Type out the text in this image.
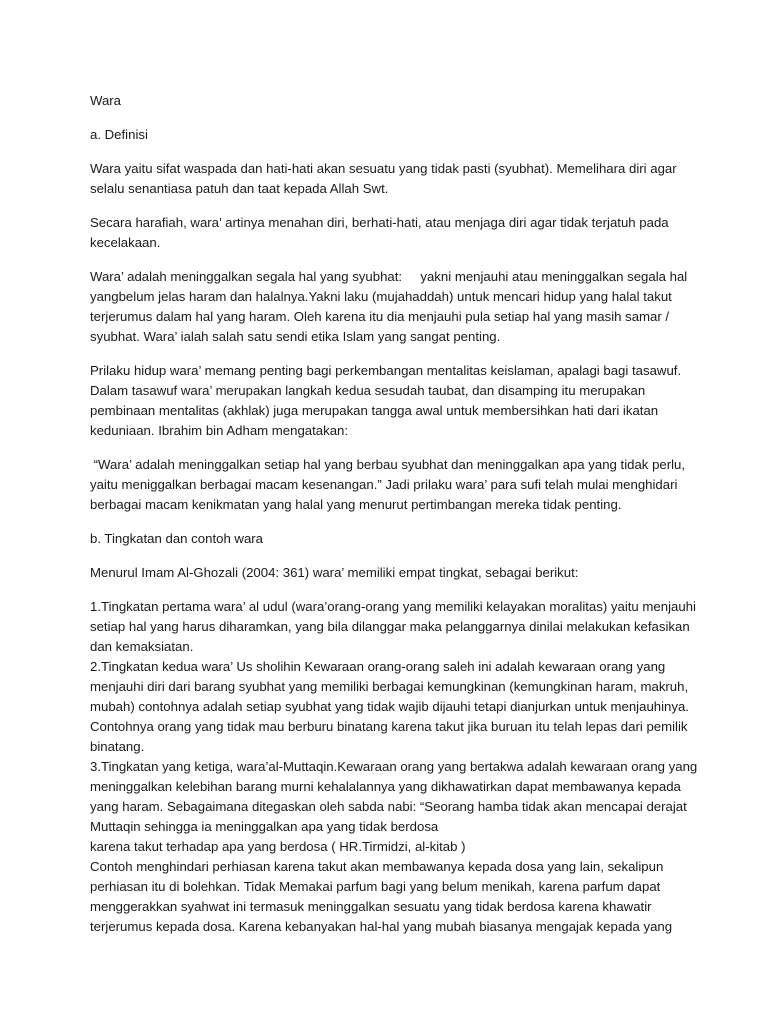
Wara
a. Definisi
Wara yaitu sifat waspada dan hati-hati akan sesuatu yang tidak pasti (syubhat). Memelihara diri agar
selalu senantiasa patuh dan taat kepada Allah Swt.
Secara harafiah, wara’ artinya menahan diri, berhati-hati, atau menjaga diri agar tidak terjatuh pada
kecelakaan.
Wara’ adalah meninggalkan segala hal yang syubhat:     yakni menjauhi atau meninggalkan segala hal
yangbelum jelas haram dan halalnya.Yakni laku (mujahaddah) untuk mencari hidup yang halal takut
terjerumus dalam hal yang haram. Oleh karena itu dia menjauhi pula setiap hal yang masih samar /
syubhat. Wara’ ialah salah satu sendi etika Islam yang sangat penting.
Prilaku hidup wara’ memang penting bagi perkembangan mentalitas keislaman, apalagi bagi tasawuf.
Dalam tasawuf wara’ merupakan langkah kedua sesudah taubat, dan disamping itu merupakan
pembinaan mentalitas (akhlak) juga merupakan tangga awal untuk membersihkan hati dari ikatan
keduniaan. Ibrahim bin Adham mengatakan:
“Wara’ adalah meninggalkan setiap hal yang berbau syubhat dan meninggalkan apa yang tidak perlu,
yaitu meniggalkan berbagai macam kesenangan.” Jadi prilaku wara’ para sufi telah mulai menghidari
berbagai macam kenikmatan yang halal yang menurut pertimbangan mereka tidak penting.
b. Tingkatan dan contoh wara
Menurul Imam Al-Ghozali (2004: 361) wara’ memiliki empat tingkat, sebagai berikut:
1.Tingkatan pertama wara’ al udul (wara’orang-orang yang memiliki kelayakan moralitas) yaitu menjauhi
setiap hal yang harus diharamkan, yang bila dilanggar maka pelanggarnya dinilai melakukan kefasikan
dan kemaksiatan.
2.Tingkatan kedua wara’ Us sholihin Kewaraan orang-orang saleh ini adalah kewaraan orang yang
menjauhi diri dari barang syubhat yang memiliki berbagai kemungkinan (kemungkinan haram, makruh,
mubah) contohnya adalah setiap syubhat yang tidak wajib dijauhi tetapi dianjurkan untuk menjauhinya.
Contohnya orang yang tidak mau berburu binatang karena takut jika buruan itu telah lepas dari pemilik
binatang.
3.Tingkatan yang ketiga, wara’al-Muttaqin.Kewaraan orang yang bertakwa adalah kewaraan orang yang
meninggalkan kelebihan barang murni kehalalannya yang dikhawatirkan dapat membawanya kepada
yang haram. Sebagaimana ditegaskan oleh sabda nabi: “Seorang hamba tidak akan mencapai derajat
Muttaqin sehingga ia meninggalkan apa yang tidak berdosa
karena takut terhadap apa yang berdosa ( HR.Tirmidzi, al-kitab )
Contoh menghindari perhiasan karena takut akan membawanya kepada dosa yang lain, sekalipun
perhiasan itu di bolehkan. Tidak Memakai parfum bagi yang belum menikah, karena parfum dapat
menggerakkan syahwat ini termasuk meninggalkan sesuatu yang tidak berdosa karena khawatir
terjerumus kepada dosa. Karena kebanyakan hal-hal yang mubah biasanya mengajak kepada yang
